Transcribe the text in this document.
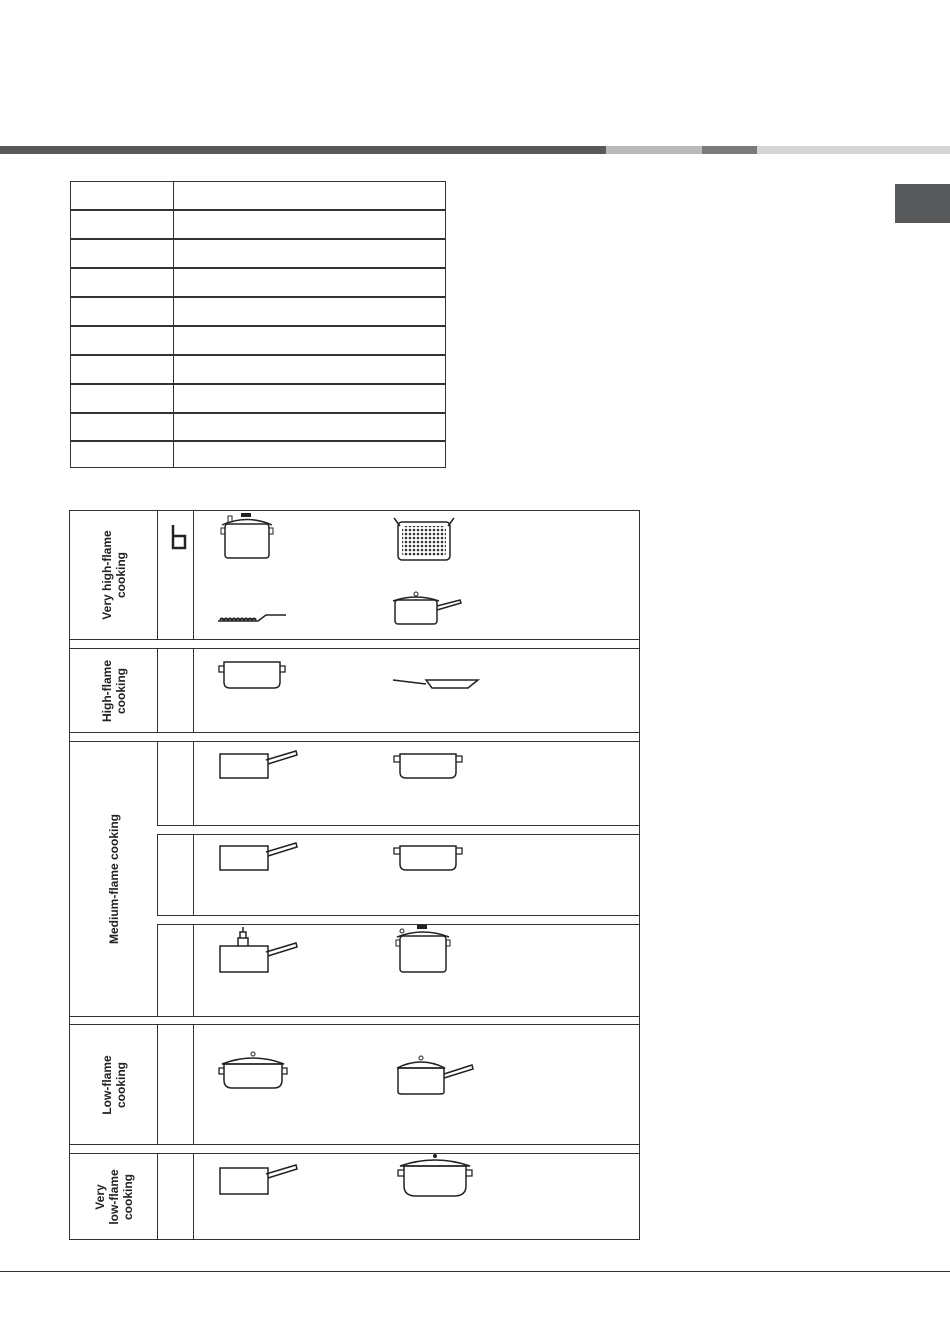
Very high-flame
cooking
High-flame
cooking
Medium-flame cooking
Low-flame
cooking
Very
low-flame
cooking
